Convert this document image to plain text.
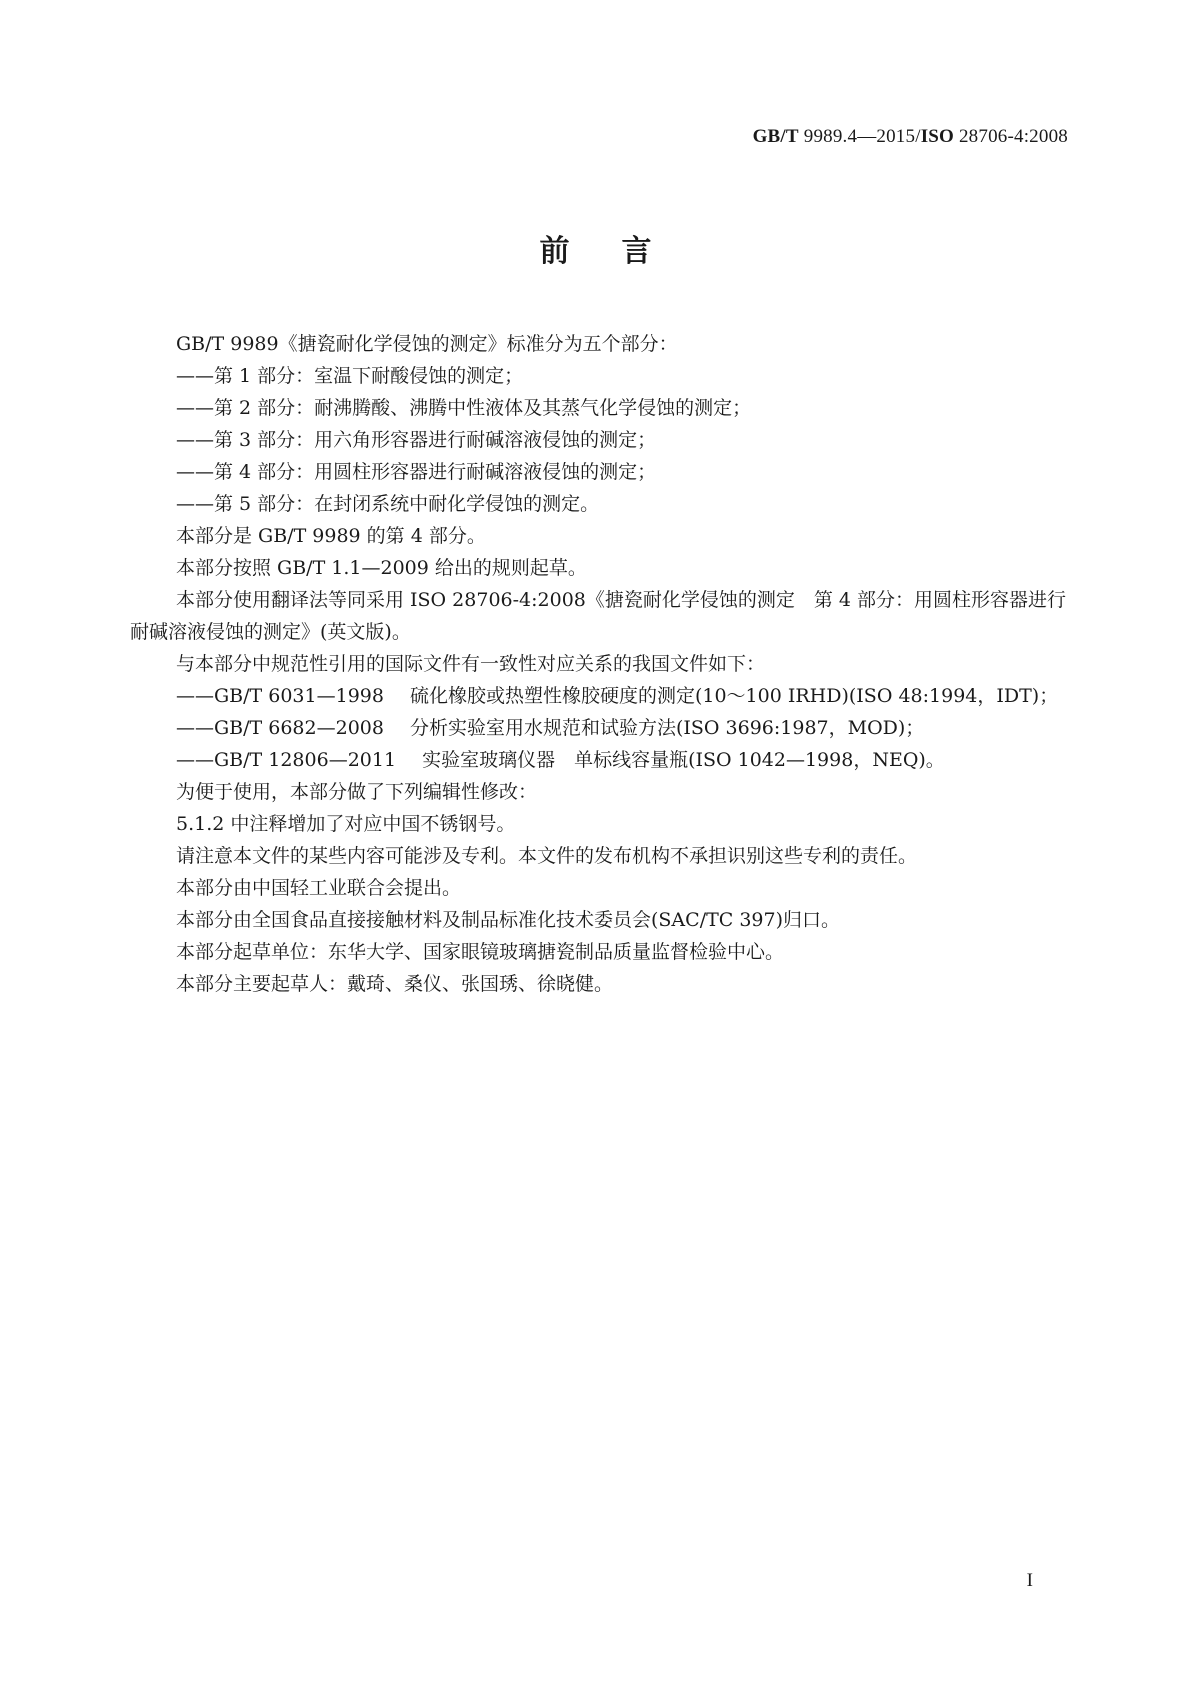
GB/T 9989.4—2015/ISO 28706-4:2008
前言

GB/T 9989《搪瓷耐化学侵蚀的测定》标准分为五个部分：

——第 1 部分：室温下耐酸侵蚀的测定；

——第 2 部分：耐沸腾酸、沸腾中性液体及其蒸气化学侵蚀的测定；

——第 3 部分：用六角形容器进行耐碱溶液侵蚀的测定；

——第 4 部分：用圆柱形容器进行耐碱溶液侵蚀的测定；

——第 5 部分：在封闭系统中耐化学侵蚀的测定。

本部分是 GB/T 9989 的第 4 部分。

本部分按照 GB/T 1.1—2009 给出的规则起草。

本部分使用翻译法等同采用 ISO 28706-4:2008《搪瓷耐化学侵蚀的测定　第 4 部分：用圆柱形容器进行耐碱溶液侵蚀的测定》(英文版)。

与本部分中规范性引用的国际文件有一致性对应关系的我国文件如下：

——GB/T 6031—1998 硫化橡胶或热塑性橡胶硬度的测定(10～100 IRHD)(ISO 48:1994，IDT)；

——GB/T 6682—2008 分析实验室用水规范和试验方法(ISO 3696:1987，MOD)；

——GB/T 12806—2011 实验室玻璃仪器　单标线容量瓶(ISO 1042—1998，NEQ)。

为便于使用，本部分做了下列编辑性修改：

5.1.2 中注释增加了对应中国不锈钢号。

请注意本文件的某些内容可能涉及专利。本文件的发布机构不承担识别这些专利的责任。

本部分由中国轻工业联合会提出。

本部分由全国食品直接接触材料及制品标准化技术委员会(SAC/TC 397)归口。

本部分起草单位：东华大学、国家眼镜玻璃搪瓷制品质量监督检验中心。

本部分主要起草人：戴琦、桑仪、张国琇、徐晓健。

I
